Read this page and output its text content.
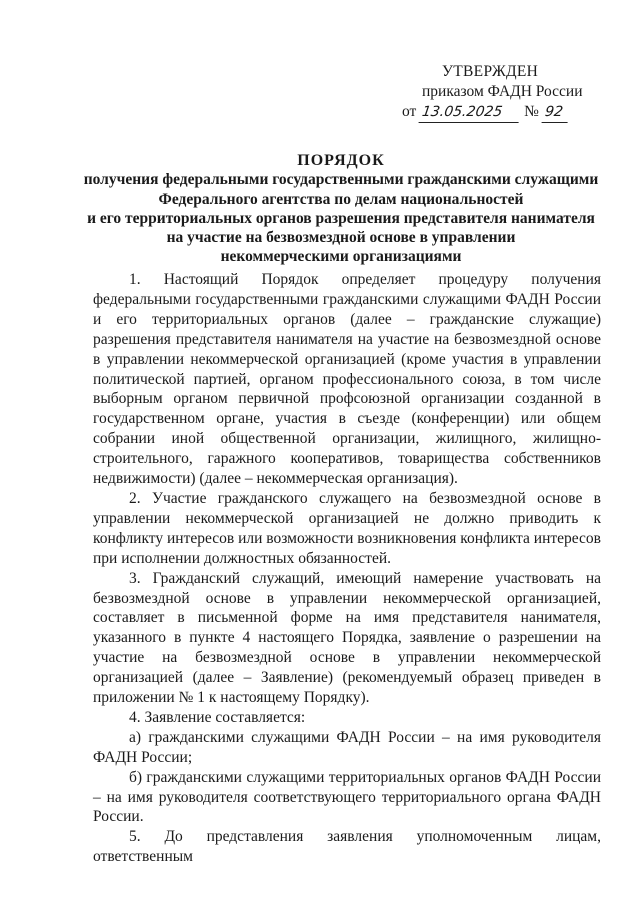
УТВЕРЖДЕН
приказом ФАДН России
от 13.05.2025 № 92
ПОРЯДОК
получения федеральными государственными гражданскими служащими
Федерального агентства по делам национальностей
и его территориальных органов разрешения представителя нанимателя
на участие на безвозмездной основе в управлении
некоммерческими организациями

1. Настоящий Порядок определяет процедуру получения федеральными государственными гражданскими служащими ФАДН России и его территориальных органов (далее – гражданские служащие) разрешения представителя нанимателя на участие на безвозмездной основе в управлении некоммерческой организацией (кроме участия в управлении политической партией, органом профессионального союза, в том числе выборным органом первичной профсоюзной организации созданной в государственном органе, участия в съезде (конференции) или общем собрании иной общественной организации, жилищного, жилищно-строительного, гаражного кооперативов, товарищества собственников недвижимости) (далее – некоммерческая организация).

2. Участие гражданского служащего на безвозмездной основе в управлении некоммерческой организацией не должно приводить к конфликту интересов или возможности возникновения конфликта интересов при исполнении должностных обязанностей.

3. Гражданский служащий, имеющий намерение участвовать на безвозмездной основе в управлении некоммерческой организацией, составляет в письменной форме на имя представителя нанимателя, указанного в пункте 4 настоящего Порядка, заявление о разрешении на участие на безвозмездной основе в управлении некоммерческой организацией (далее – Заявление) (рекомендуемый образец приведен в приложении № 1 к настоящему Порядку).

4. Заявление составляется:

а) гражданскими служащими ФАДН России – на имя руководителя ФАДН России;

б) гражданскими служащими территориальных органов ФАДН России – на имя руководителя соответствующего территориального органа ФАДН России.

5. До представления заявления уполномоченным лицам, ответственным
